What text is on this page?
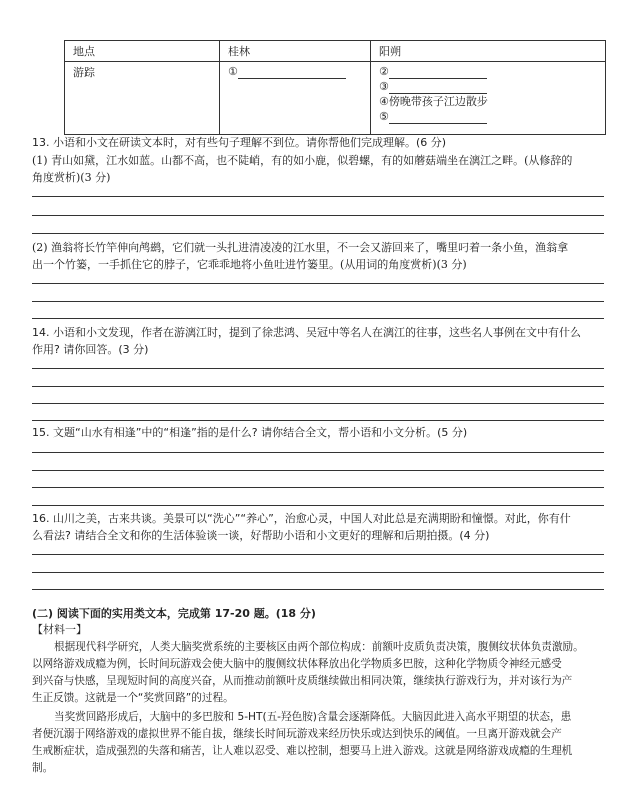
地点	桂林	阳朔
游踪	①	②
③
④傍晚带孩子江边散步
⑤
13. 小语和小文在研读文本时，对有些句子理解不到位。请你帮他们完成理解。(6 分)
(1) 青山如黛，江水如蓝。山都不高，也不陡峭，有的如小鹿，似碧螺，有的如蘑菇端坐在漓江之畔。(从修辞的
角度赏析)(3 分)
(2) 渔翁将长竹竿伸向鸬鹚，它们就一头扎进清凌凌的江水里，不一会又游回来了，嘴里叼着一条小鱼，渔翁拿
出一个竹篓，一手抓住它的脖子，它乖乖地将小鱼吐进竹篓里。(从用词的角度赏析)(3 分)
14. 小语和小文发现，作者在游漓江时，提到了徐悲鸿、吴冠中等名人在漓江的往事，这些名人事例在文中有什么
作用? 请你回答。(3 分)
15. 文题“山水有相逢”中的“相逢”指的是什么? 请你结合全文，帮小语和小文分析。(5 分)
16. 山川之美，古来共谈。美景可以“洗心”“养心”，治愈心灵，中国人对此总是充满期盼和憧憬。对此，你有什
么看法? 请结合全文和你的生活体验谈一谈，好帮助小语和小文更好的理解和后期拍摄。(4 分)
(二) 阅读下面的实用类文本，完成第 17-20 题。(18 分)
【材料一】
根据现代科学研究，人类大脑奖赏系统的主要核区由两个部位构成：前额叶皮质负责决策，腹侧纹状体负责激励。
以网络游戏成瘾为例，长时间玩游戏会使大脑中的腹侧纹状体释放出化学物质多巴胺，这种化学物质令神经元感受
到兴奋与快感，呈现短时间的高度兴奋，从而推动前额叶皮质继续做出相同决策，继续执行游戏行为，并对该行为产
生正反馈。这就是一个“奖赏回路”的过程。
当奖赏回路形成后，大脑中的多巴胺和 5-HT(五-羟色胺)含量会逐渐降低。大脑因此进入高水平期望的状态，患
者便沉溺于网络游戏的虚拟世界不能自拔，继续长时间玩游戏来经历快乐或达到快乐的阈值。一旦离开游戏就会产
生戒断症状，造成强烈的失落和痛苦，让人难以忍受、难以控制，想要马上进入游戏。这就是网络游戏成瘾的生理机
制。
